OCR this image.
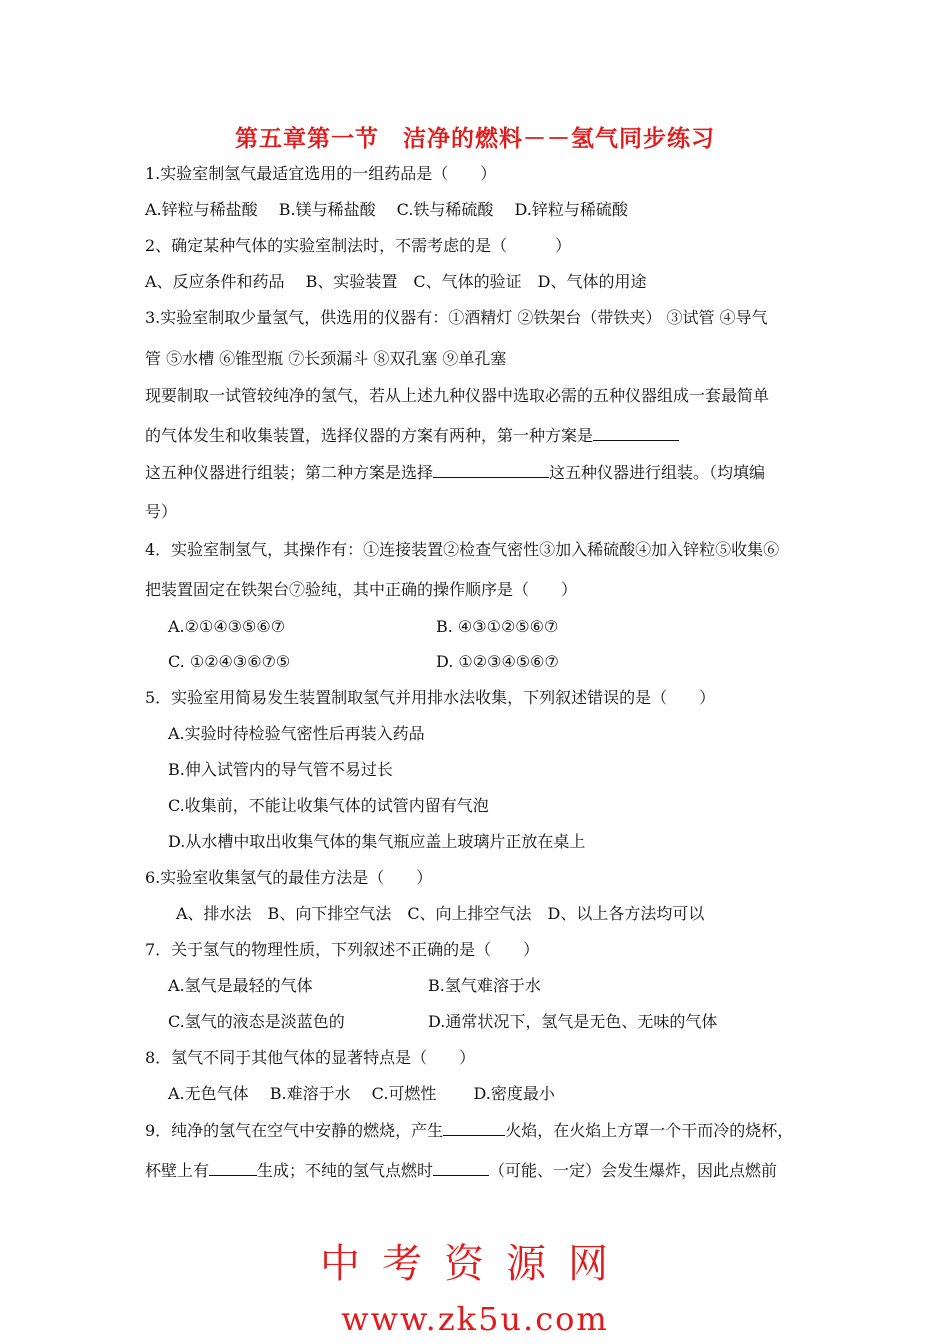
第五章第一节　洁净的燃料－－氢气同步练习
1.实验室制氢气最适宜选用的一组药品是（　　）
A.锌粒与稀盐酸　 B.镁与稀盐酸　 C.铁与稀硫酸　 D.锌粒与稀硫酸
2、确定某种气体的实验室制法时，不需考虑的是（　　　）
A、反应条件和药品　 B、实验装置　C、气体的验证　D、气体的用途
3.实验室制取少量氢气，供选用的仪器有：①酒精灯 ②铁架台（带铁夹） ③试管 ④导气
管 ⑤水槽 ⑥锥型瓶 ⑦长颈漏斗 ⑧双孔塞 ⑨单孔塞
现要制取一试管较纯净的氢气，若从上述九种仪器中选取必需的五种仪器组成一套最简单
的气体发生和收集装置，选择仪器的方案有两种，第一种方案是
这五种仪器进行组装；第二种方案是选择	这五种仪器进行组装。（均填编
号）
4．实验室制氢气，其操作有：①连接装置②检查气密性③加入稀硫酸④加入锌粒⑤收集⑥
把装置固定在铁架台⑦验纯，其中正确的操作顺序是（　　）
A.②①④③⑤⑥⑦	B. ④③①②⑤⑥⑦
C. ①②④③⑥⑦⑤	D. ①②③④⑤⑥⑦
5．实验室用简易发生装置制取氢气并用排水法收集，下列叙述错误的是（　　）
A.实验时待检验气密性后再装入药品
B.伸入试管内的导气管不易过长
C.收集前，不能让收集气体的试管内留有气泡
D.从水槽中取出收集气体的集气瓶应盖上玻璃片正放在桌上
6.实验室收集氢气的最佳方法是（　　）
A、排水法　B、向下排空气法　C、向上排空气法　D、以上各方法均可以
7．关于氢气的物理性质，下列叙述不正确的是（　　）
A.氢气是最轻的气体	B.氢气难溶于水
C.氢气的液态是淡蓝色的	D.通常状况下，氢气是无色、无味的气体
8．氢气不同于其他气体的显著特点是（　　）
A.无色气体　 B.难溶于水　 C.可燃性　　 D.密度最小
9．纯净的氢气在空气中安静的燃烧，产生	火焰，在火焰上方罩一个干而冷的烧杯，
杯壁上有	生成；不纯的氢气点燃时	（可能、一定）会发生爆炸，因此点燃前
中考资源网
www.zk5u.com
